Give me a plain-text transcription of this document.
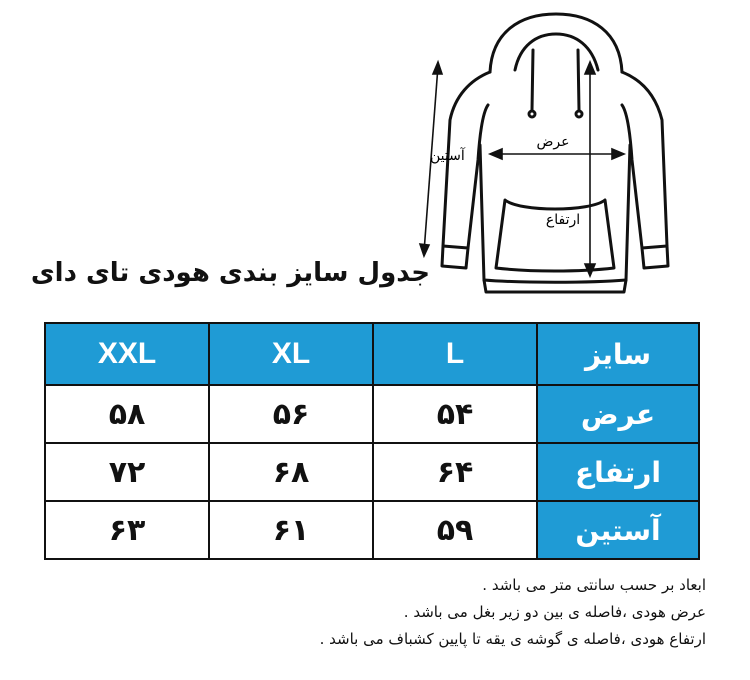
آستین
عرض
ارتفاع
جدول سایز بندی هودی تای دای
سایز	L	XL	XXL
عرض	۵۴	۵۶	۵۸
ارتفاع	۶۴	۶۸	۷۲
آستین	۵۹	۶۱	۶۳
ابعاد بر حسب سانتی متر می باشد .
عرض هودی ،فاصله ی بین دو زیر بغل می باشد .
ارتفاع هودی ،فاصله ی گوشه ی یقه تا پایین کشباف می باشد .
